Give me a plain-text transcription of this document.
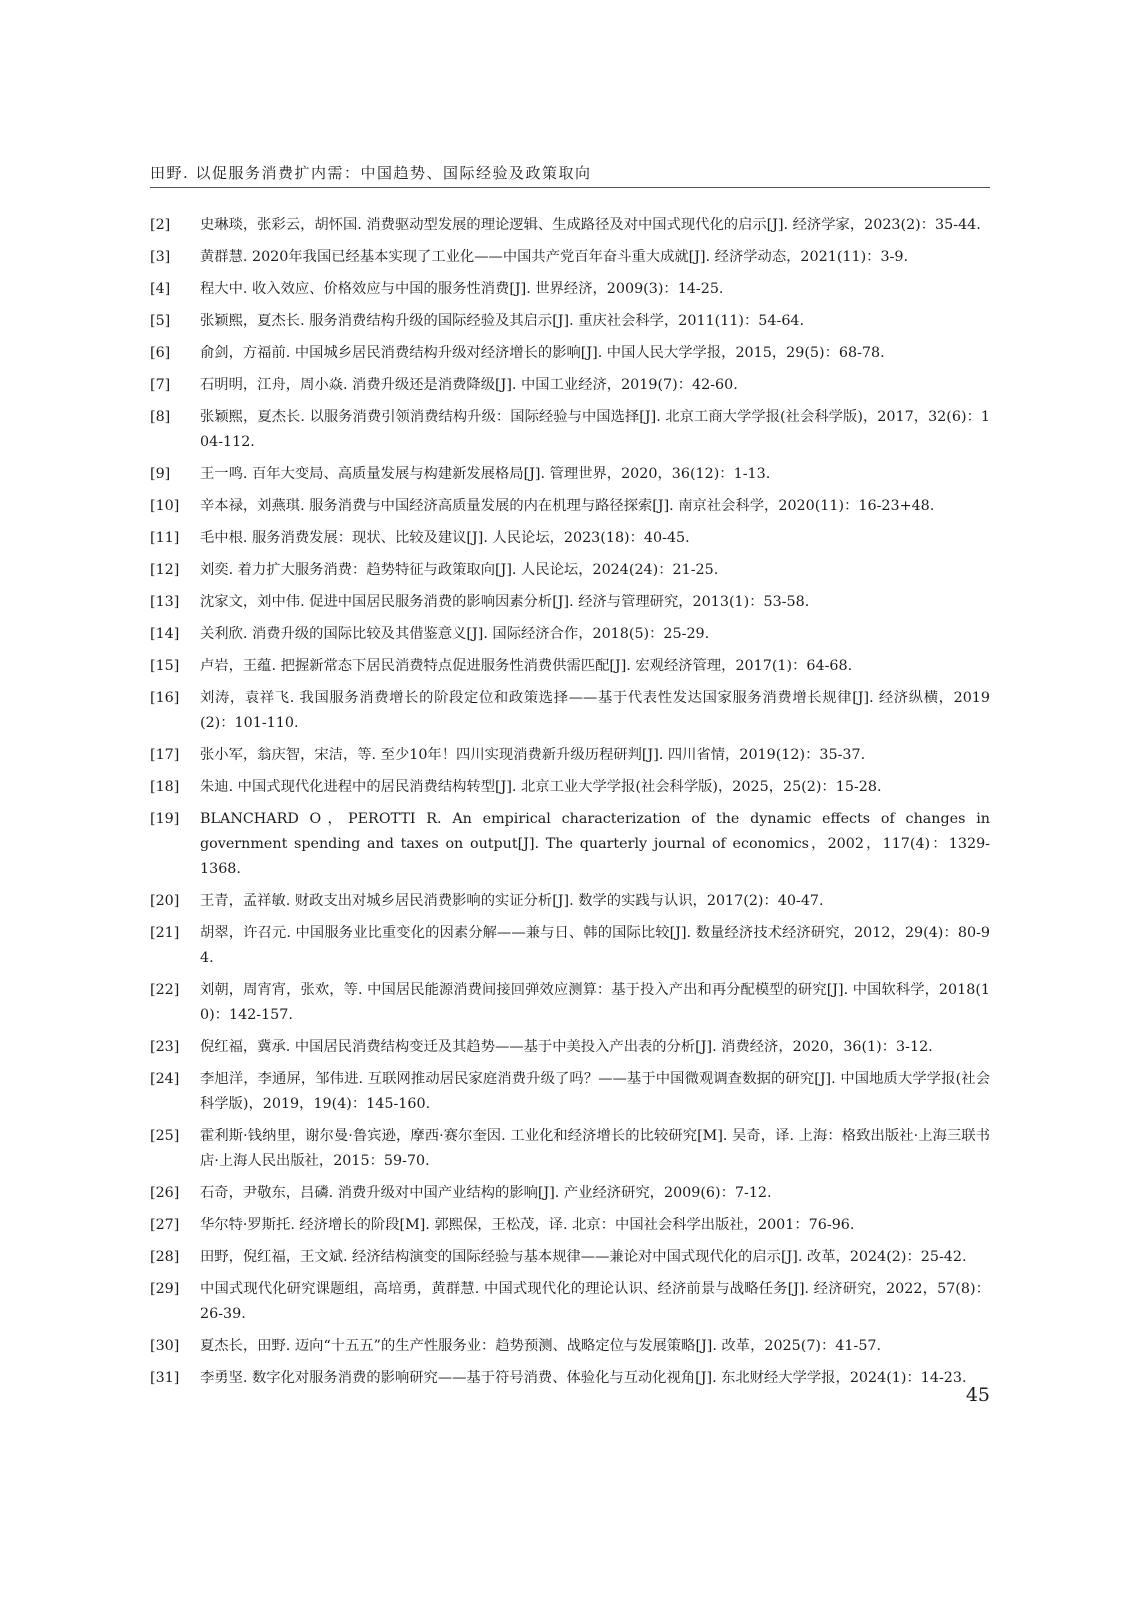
田野. 以促服务消费扩内需：中国趋势、国际经验及政策取向
[2]	史琳琰，张彩云，胡怀国. 消费驱动型发展的理论逻辑、生成路径及对中国式现代化的启示[J]. 经济学家，2023(2)：35-44.
[3]	黄群慧. 2020年我国已经基本实现了工业化——中国共产党百年奋斗重大成就[J]. 经济学动态，2021(11)：3-9.
[4]	程大中. 收入效应、价格效应与中国的服务性消费[J]. 世界经济，2009(3)：14-25.
[5]	张颖熙，夏杰长. 服务消费结构升级的国际经验及其启示[J]. 重庆社会科学，2011(11)：54-64.
[6]	俞剑，方福前. 中国城乡居民消费结构升级对经济增长的影响[J]. 中国人民大学学报，2015，29(5)：68-78.
[7]	石明明，江舟，周小焱. 消费升级还是消费降级[J]. 中国工业经济，2019(7)：42-60.
[8]	张颖熙，夏杰长. 以服务消费引领消费结构升级：国际经验与中国选择[J]. 北京工商大学学报(社会科学版)，2017，32(6)：104-112.
[9]	王一鸣. 百年大变局、高质量发展与构建新发展格局[J]. 管理世界，2020，36(12)：1-13.
[10]	辛本禄，刘燕琪. 服务消费与中国经济高质量发展的内在机理与路径探索[J]. 南京社会科学，2020(11)：16-23+48.
[11]	毛中根. 服务消费发展：现状、比较及建议[J]. 人民论坛，2023(18)：40-45.
[12]	刘奕. 着力扩大服务消费：趋势特征与政策取向[J]. 人民论坛，2024(24)：21-25.
[13]	沈家文，刘中伟. 促进中国居民服务消费的影响因素分析[J]. 经济与管理研究，2013(1)：53-58.
[14]	关利欣. 消费升级的国际比较及其借鉴意义[J]. 国际经济合作，2018(5)：25-29.
[15]	卢岩，王蕴. 把握新常态下居民消费特点促进服务性消费供需匹配[J]. 宏观经济管理，2017(1)：64-68.
[16]	刘涛，袁祥飞. 我国服务消费增长的阶段定位和政策选择——基于代表性发达国家服务消费增长规律[J]. 经济纵横，2019(2)：101-110.
[17]	张小军，翁庆智，宋洁，等. 至少10年！四川实现消费新升级历程研判[J]. 四川省情，2019(12)：35-37.
[18]	朱迪. 中国式现代化进程中的居民消费结构转型[J]. 北京工业大学学报(社会科学版)，2025，25(2)：15-28.
[19]	BLANCHARD O，PEROTTI R. An empirical characterization of the dynamic effects of changes in government spending and taxes on output[J]. The quarterly journal of economics，2002，117(4)：1329-1368.
[20]	王青，孟祥敏. 财政支出对城乡居民消费影响的实证分析[J]. 数学的实践与认识，2017(2)：40-47.
[21]	胡翠，许召元. 中国服务业比重变化的因素分解——兼与日、韩的国际比较[J]. 数量经济技术经济研究，2012，29(4)：80-94.
[22]	刘朝，周宵宵，张欢，等. 中国居民能源消费间接回弹效应测算：基于投入产出和再分配模型的研究[J]. 中国软科学，2018(10)：142-157.
[23]	倪红福，冀承. 中国居民消费结构变迁及其趋势——基于中美投入产出表的分析[J]. 消费经济，2020，36(1)：3-12.
[24]	李旭洋，李通屏，邹伟进. 互联网推动居民家庭消费升级了吗？——基于中国微观调查数据的研究[J]. 中国地质大学学报(社会科学版)，2019，19(4)：145-160.
[25]	霍利斯·钱纳里，谢尔曼·鲁宾逊，摩西·赛尔奎因. 工业化和经济增长的比较研究[M]. 吴奇，译. 上海：格致出版社·上海三联书店·上海人民出版社，2015：59-70.
[26]	石奇，尹敬东，吕磷. 消费升级对中国产业结构的影响[J]. 产业经济研究，2009(6)：7-12.
[27]	华尔特·罗斯托. 经济增长的阶段[M]. 郭熙保，王松茂，译. 北京：中国社会科学出版社，2001：76-96.
[28]	田野，倪红福，王文斌. 经济结构演变的国际经验与基本规律——兼论对中国式现代化的启示[J]. 改革，2024(2)：25-42.
[29]	中国式现代化研究课题组，高培勇，黄群慧. 中国式现代化的理论认识、经济前景与战略任务[J]. 经济研究，2022，57(8)：26-39.
[30]	夏杰长，田野. 迈向“十五五”的生产性服务业：趋势预测、战略定位与发展策略[J]. 改革，2025(7)：41-57.
[31]	李勇坚. 数字化对服务消费的影响研究——基于符号消费、体验化与互动化视角[J]. 东北财经大学学报，2024(1)：14-23.
45
